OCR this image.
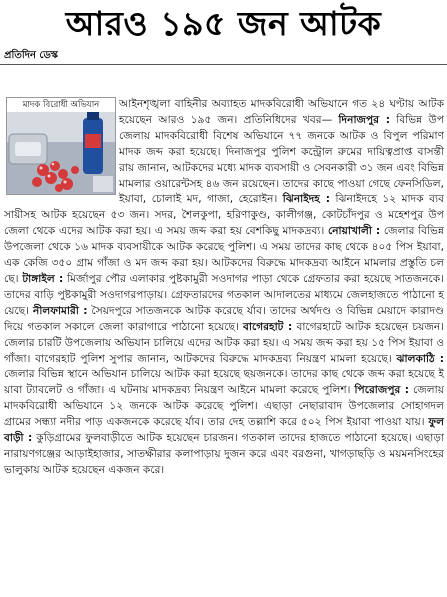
আরও ১৯৫ জন আটক
প্রতিদিন ডেস্ক
মাদক বিরোধী অভিযান	আইনশৃঙ্খলা বাহিনীর অব্যাহত মাদকবিরোধী অভিযানে গত ২৪ ঘণ্টায় আটক হয়েছেন আরও ১৯৫ জন। প্রতিনিধিদের খবর— দিনাজপুর : বিভিন্ন উপজেলায় মাদকবিরোধী বিশেষ অভিযানে ৭৭ জনকে আটক ও বিপুল পরিমাণ মাদক জব্দ করা হয়েছে। দিনাজপুর পুলিশ কন্ট্রোল রুমের দায়িত্বপ্রাপ্ত বাসন্তী রায় জানান, আটকদের মধ্যে মাদক ব্যবসায়ী ও সেবনকারী ৩১ জন এবং বিভিন্ন মামলার ওয়ারেন্টসহ ৪৬ জন রয়েছেন। তাদের কাছে পাওয়া গেছে ফেনসিডিল, ইয়াবা, চোলাই মদ, গাজা, হেরোইন। ঝিনাইদহ : ঝিনাইদহে ১২ মাদক ব্যবসায়ীসহ আটক হয়েছেন ৫৩ জন। সদর, শৈলকুপা, হরিণাকুণ্ড, কালীগঞ্জ, কোটচাঁদপুর ও মহেশপুর উপজেলা থেকে এদের আটক করা হয়। এ সময় জব্দ করা হয় বেশকিছু মাদকদ্রব্য। নোয়াখালী : জেলার বিভিন্ন উপজেলা থেকে ১৬ মাদক ব্যবসায়ীকে আটক করেছে পুলিশ। এ সময় তাদের কাছ থেকে ৪০৫ পিস ইয়াবা, এক কেজি ৩৫০ গ্রাম গাঁজা ও মদ জব্দ করা হয়। আটকদের বিরুদ্ধে মাদকদ্রব্য আইনে মামলার প্রস্তুতি চলছে। টাঙ্গাইল : মির্জাপুর পৌর এলাকার পুষ্টকামুরী সওদাগর পাড়া থেকে গ্রেফতার করা হয়েছে সাতজনকে। তাদের বাড়ি পুষ্টকামুরী সওদাগরপাড়ায়। গ্রেফতারদের গতকাল আদালতের মাধ্যমে জেলহাজতে পাঠানো হয়েছে। নীলফামারী : সৈয়দপুরে সাতজনকে আটক করেছে র্যাব। তাদের অর্থদণ্ড ও বিভিন্ন মেয়াদে কারাদণ্ড দিয়ে গতকাল সকালে জেলা কারাগারে পাঠানো হয়েছে। বাগেরহাট : বাগেরহাটে আটক হয়েছেন চয়জন। জেলার চারটি উপজেলায় অভিযান চালিয়ে এদের আটক করা হয়। এ সময় জব্দ করা হয় ১৫ পিস ইয়াবা ও গাঁজা। বাগেরহাট পুলিশ সুপার জানান, আটকদের বিরুদ্ধে মাদকদ্রব্য নিয়ন্ত্রণ মামলা হয়েছে। ঝালকাঠি : জেলার বিভিন্ন স্থানে অভিযান চালিয়ে আটক করা হয়েছে ছয়জনকে। তাদের কাছ থেকে জব্দ করা হয়েছে ইয়াবা ট্যাবলেট ও গাঁজা। এ ঘটনায় মাদকদ্রব্য নিয়ন্ত্রণ আইনে মামলা করেছে পুলিশ। পিরোজপুর : জেলায় মাদকবিরোধী অভিযানে ১২ জনকে আটক করেছে পুলিশ। এছাড়া নেছারাবাদ উপজেলার সোহাগদল গ্রামের সন্ধ্যা নদীর পাড় একজনকে করেছে র্যাব। তার দেহ তল্লাশি করে ৫০২ পিস ইয়াবা পাওয়া যায়। ফুলবাড়ী : কুড়িগ্রামের ফুলবাড়ীতে আটক হয়েছেন চারজন। গতকাল তাদের হাজতে পাঠানো হয়েছে। এছাড়া নারায়ণগঞ্জের আড়াইহাজার, সাতক্ষীরার কলাপাড়ায় দুজন করে এবং বরগুনা, খাগড়াছড়ি ও ময়মনসিংহের ভালুকায় আটক হয়েছেন একজন করে।
